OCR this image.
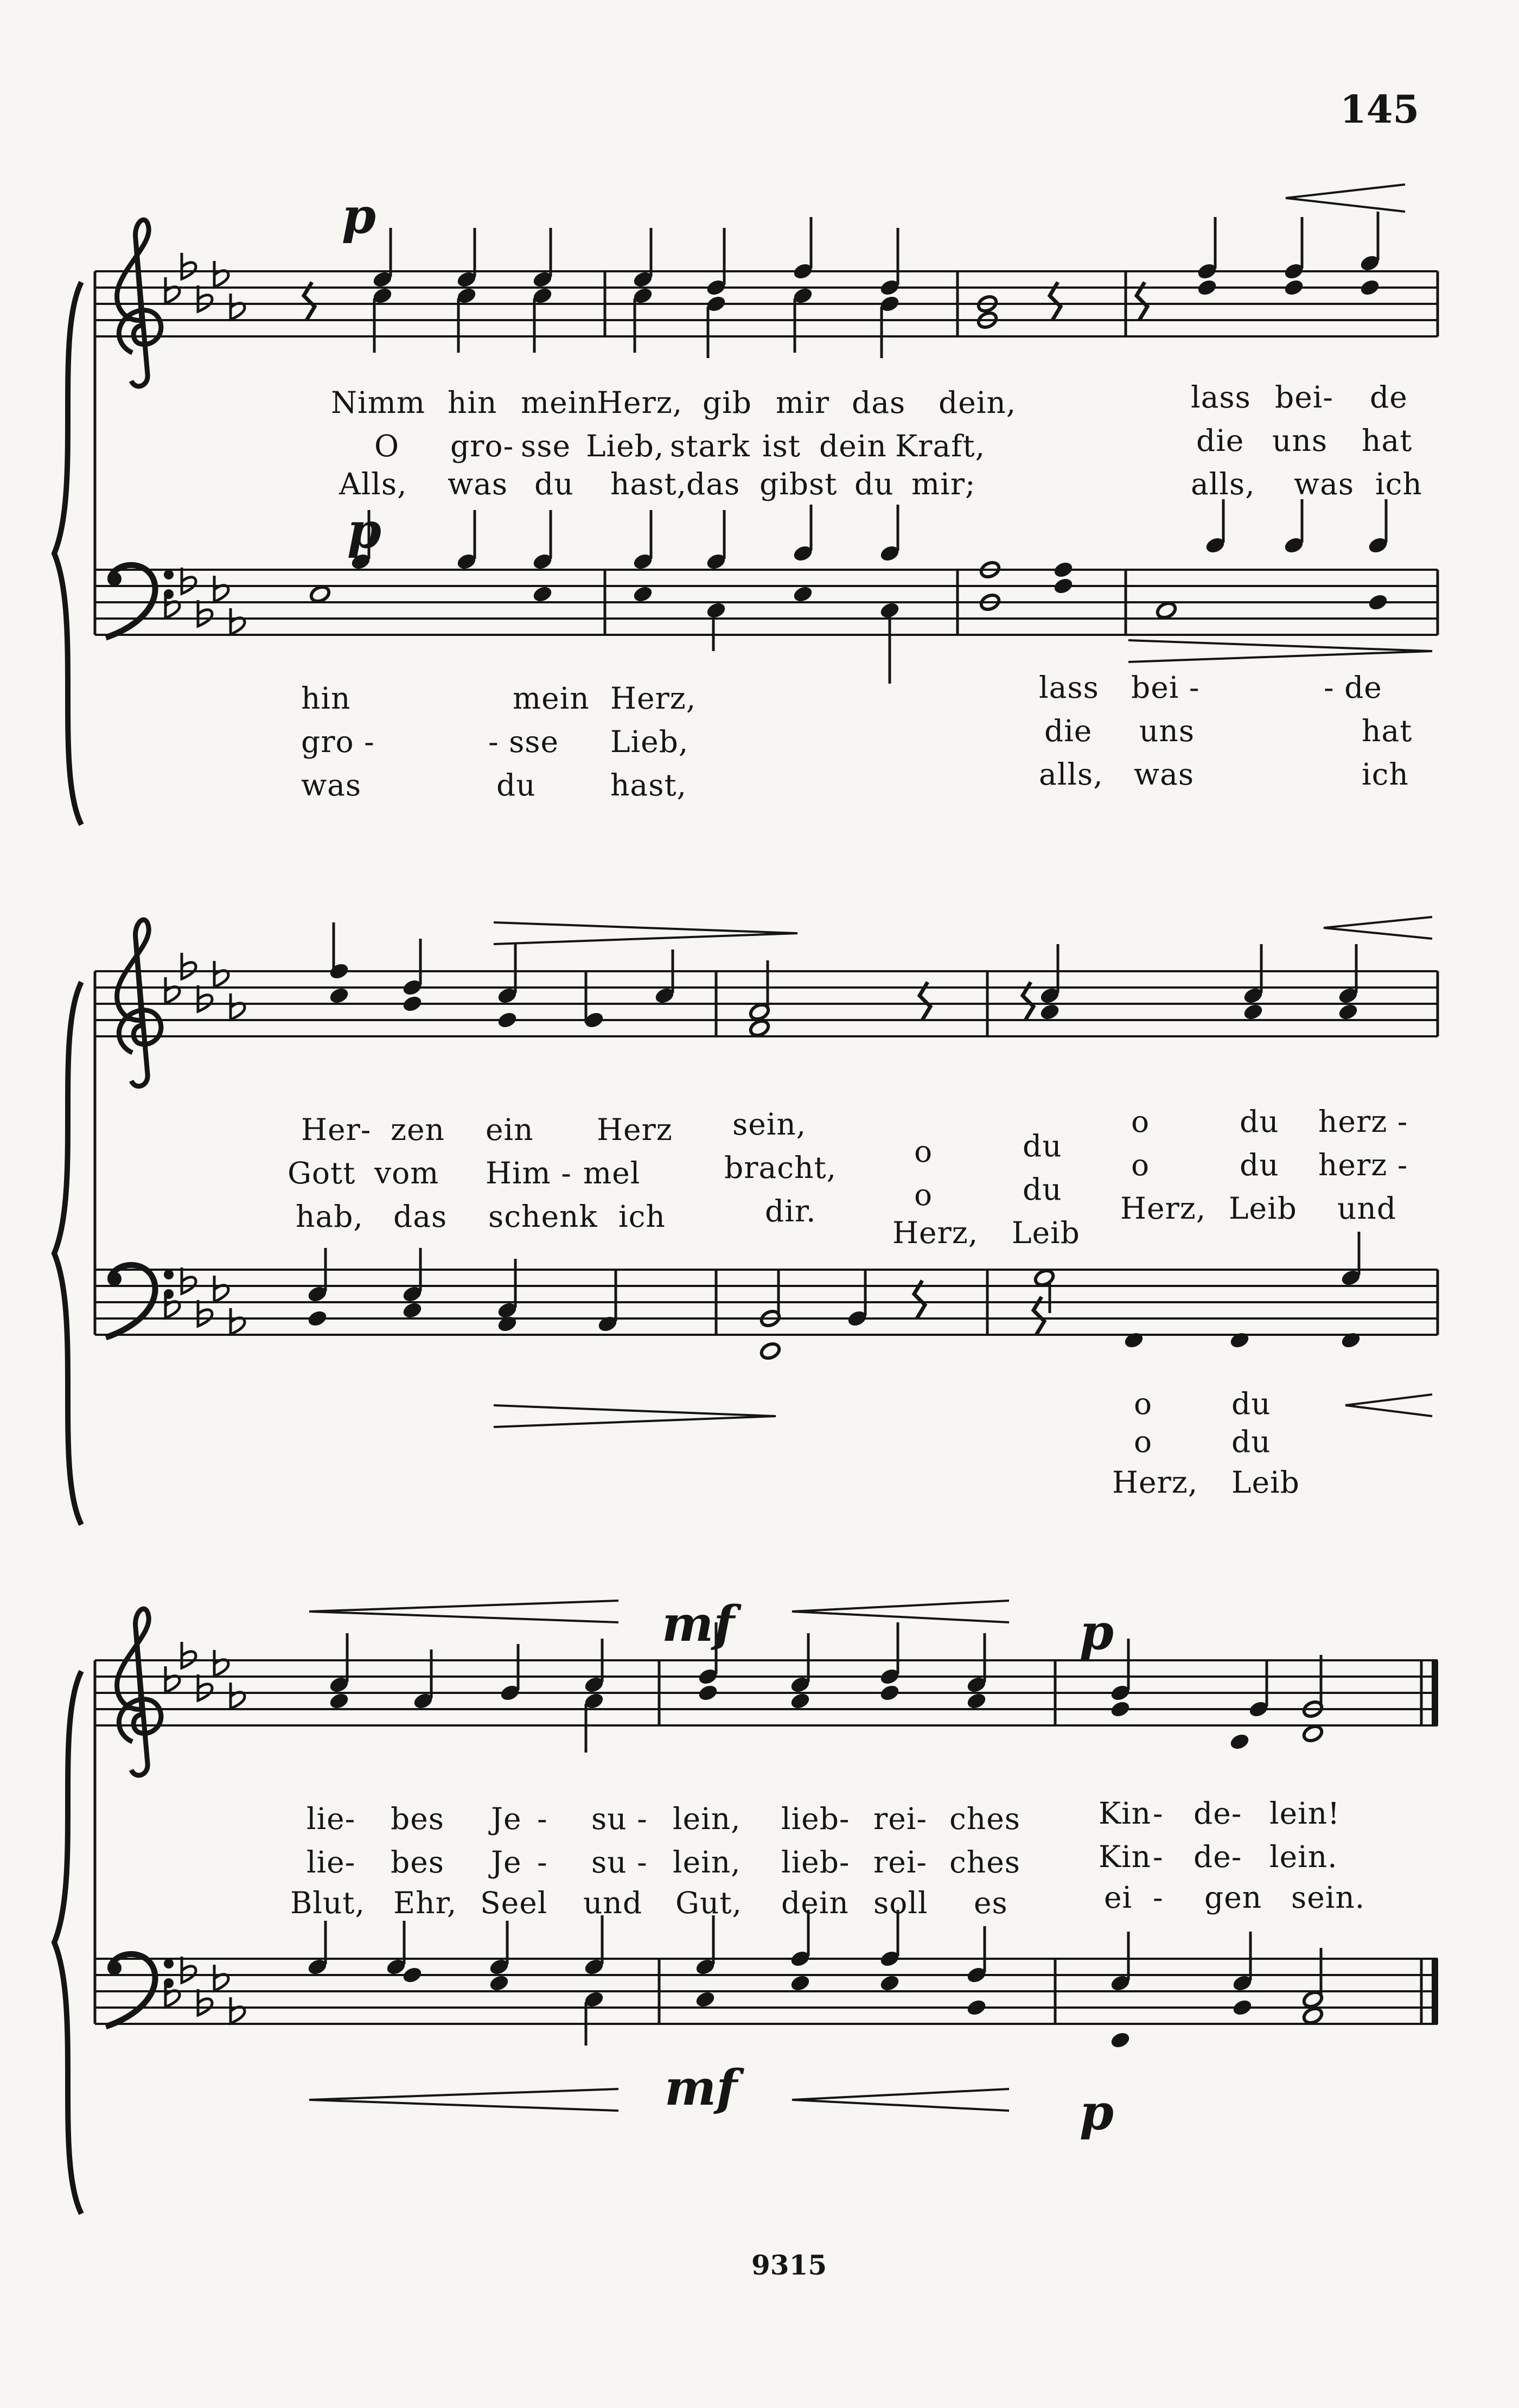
145
9315
p
p
mf	p
mf	p
Nimm hin mein
Herz, gib mir das dein,	lass bei- de
O gro- sse Lieb, stark ist dein Kraft,	die uns hat
Alls, was du hast,
das gibst du mir;	alls, was ich
hin	mein Herz,	lass bei -	- de
gro -	- sse Lieb,	die uns	hat
was	du hast,	alls, was	ich
Her- zen ein Herz sein,	o	du herz -
Gott vom Him - mel	bracht,	o	du
o	du herz -
hab, das schenk ich	dir.	o	du
Herz, Leib und
Herz, Leib
o	du
o	du
Herz, Leib
lie- bes Je - su - lein, lieb- rei- ches	Kin - de- lein!
lie- bes Je - su - lein, lieb- rei- ches	Kin - de- lein.
Blut, Ehr, Seel und Gut, dein soll es	ei - gen sein.
